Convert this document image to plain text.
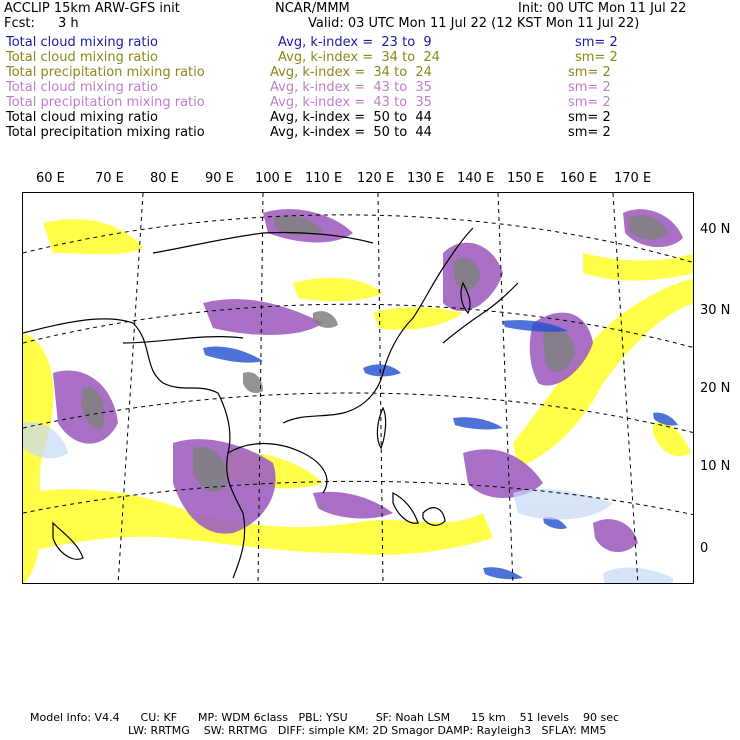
ACCLIP 15km ARW-GFS init	NCAR/MMM	Init: 00 UTC Mon 11 Jul 22
Fcst: 3 h	Valid: 03 UTC Mon 11 Jul 22 (12 KST Mon 11 Jul 22)
Total cloud mixing ratio	Avg, k-index =  23 to  9	sm= 2
Total cloud mixing ratio	Avg, k-index =  34 to  24	sm= 2
Total precipitation mixing ratio	Avg, k-index =  34 to  24	sm= 2
Total cloud mixing ratio	Avg, k-index =  43 to  35	sm= 2
Total precipitation mixing ratio	Avg, k-index =  43 to  35	sm= 2
Total cloud mixing ratio	Avg, k-index =  50 to  44	sm= 2
Total precipitation mixing ratio	Avg, k-index =  50 to  44	sm= 2
60 E 70 E 80 E 90 E 100 E 110 E 120 E 130 E 140 E 150 E 160 E 170 E
40 N
30 N
20 N
10 N
0
Model Info: V4.4      CU: KF      MP: WDM 6class   PBL: YSU        SF: Noah LSM      15 km    51 levels    90 sec
LW: RRTMG    SW: RRTMG   DIFF: simple KM: 2D Smagor DAMP: Rayleigh3   SFLAY: MM5
